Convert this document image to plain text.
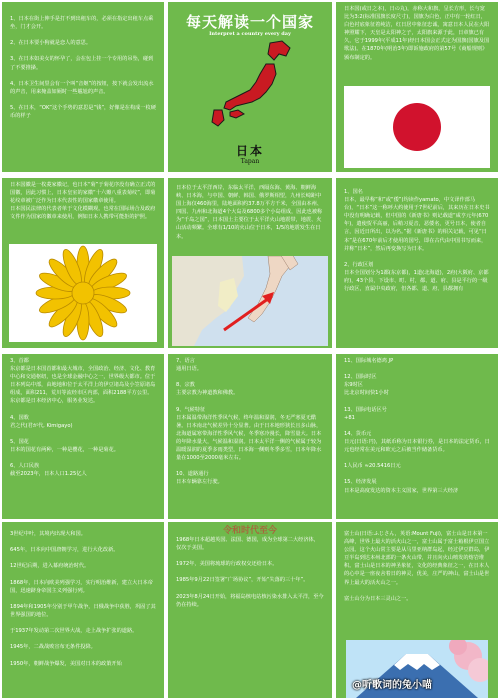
1、日本在街上伸手是打不到出租车的，必须在指定出租车点乘坐，门才会开。

2、在日本要小狗就是恋人的意思。

3、在日本如美女的怀孕了，会在包上挂一个专用的吊坠，碰到了不要推搡。

4、日本卫生间里会有一个叫“音姬”的按钮，按下就会发出流水的声音，用来掩盖如厕时一些尴尬的声音。

5、在日本，“OK”这个手势的意思是“钱”，好像是在构成一枚硬币的样子

日本国徽是一枚菱家徽记，也日本“菊”于菊花序没有确立正式的国徽，因此习惯上，日本皇室的家徽“十六瓣八重表菊纹”，即菊花纹章被广泛作为日本代表性的国家徽章使用。
日本国民法律的代表者单于文化模糊观。也常在国际场合及政府文件作为国家的徽章来使用，例如日本人携带可能拒的护照。

3、首都
东京都是日本国首都和最大城市，全国政治、经济、文化、教育中心和交通枢纽，也是全球金融中心之一，世界级大都市。位于日本列岛中部，由地地和位于太平洋上的伊豆诸岛及小笠原诸岛组成，面积211，荒川等流经市区内部，面积2188平方公里。东京都是日本经济中心，服务业发达。

4、国歌
君之代(君が代, Kimigayo)

5、国花
日本的国花有两种，一种是樱花，一种是菊花。

6、人口民族
截至2023年，日本人口1.25亿人

3世纪中叶，其境内出现大和国。

645年，日本向中国唐朝学习，进行大化改新。

12世纪后期，进入幕府统治时代。

1868年，日本向欧美列强学习，实行明治维新，建立大日本帝国，迅速跻身帝国主义列强行列。

1894年和1905年分别于甲午战争，日俄战争中获胜，巩固了其世界强国的地位。

于1937年发动第二次世界大战，走上战争扩张的道路。

1945年，二战战败宣布无条件投降。

1950年，朝鲜战争爆发，美国对日本的政策开始

每天解读一个国家
Interpret a country every day
日本
Tapan

日本位于太平洋西岸，东临太平洋，西隔东海、黄海、朝鲜海峡、日本海，与中国、朝鲜、韩国、俄罗斯相望，九州长崎距中国上海仅460海里，陆地面积约37.8万平方千米，全国由本州、四国、九州和北海道4个大岛及6800多个小岛组成，因此也被称为“千岛之国”，日本国土主要位于太平洋火山地震带，地震、火山活动频繁。全球有1/10的火山位于日本，1/5的地震发生在日本。

7、语言
通用日语。

8、宗教
主要宗教为神道教和佛教。

9、气候特征
日本属温带海洋性季风气候，终年温和湿润，冬无严寒夏无酷暑。日本南北气候差异十分显著。由于日本地形狭长且多山脉，北海道属寒带海洋性季风气候，冬季寒冷漫长，降雪量大。日本的年降水量大，气候温和湿润。日本太平洋一侧的气候属于较为温暖湿润的夏季多雨类型，日本海一侧则冬季多雪，日本年降水量在1000至2000毫米左右。

10、道路通行
日本车辆靠左行驶。

令和时代至今

1968年日本超越英国、法国、德国，成为全球第二大经济体，仅次于美国。

1972年，美国将琉球的行政权交还给日本。

1985年9月22日签署“广场协议”，开始“失落的三十年”。

2023年8月24日开始，将福岛核电站核污染水排入太平洋，至今仍在持续。

日本国(或日之本)，日の丸)，赤称大和旗，呈长方形，长与宽比为3:2(标准国旗长度尺寸)，国旗为白色，正中有一轮红日，白色衬底象征着纯洁，红日居中象征忠诚，寓意日本人民在大阳神照耀下，天皇是太阳神之子，太阳旗来源于此，日章旗已有久，它于1999年(平成11年)经日本国会正式定为国旗(国旗及国歌法)。在1870年(明治3年)即诉施政府的第57号《商船规则》颁布制定的。

1、国名
日本，最早称“和”或“倭”(均读作yamato，中文译作部马台)，“日本”这一称呼大约使用于7世纪前后，其来历在日本史书中没有明确记载，但中国的《新唐书》则记载道“咸亨元年(670年)，遣使贺平高丽，后稍习夏音，恶倭名，更号日本，使者自言，因近日所出，以为名。”据《新唐书》的相关记载，可见“日本”是在670年前后才使用的国号，即在古代由中国书写而来，并称“日本”，然后再变换写为日本。

2、行政区划
日本全国划分为1都(东京都)，1道(北海道)，2府(大阪府、京都府)，43个县，下设市、町、村，都、道、府、县是平行的一级行政区，直属中央政府，但各都、道、府、县都拥有

11、国际城名德鸡 JP

12、国际时区
东9时区
比北京时间快1小时

13、国际电话区号
+81

14、货币元
日元(日语:円)，其纸币称为日本银行券，是日本的法定货币，日元也经常在美元和欧元之后被当作储备货币。

1人民币 ≈20.5416日元

15、经济发展
日本是高度发达的资本主义国家，世界第三大经济

富士山(日语:ふじさん，英语:Mount Fuji)，富士山是日本第一高峰，世界上最大的活火山之一，富士山属于富士箱根伊豆国立公园。这个火山常主要是从马里亚纳群岛起，经过伊豆群岛，伊豆半岛到达本州北部的一条火山带，并且向火山喷发的熔岩堆积。富士山是日本的神圣象征，文化的经典象征之一，在日本人的心中是一座夜舍着日的神灵，优美，庄严的神山，富士山是世界上最大的活火山之一。

富士山分为日本三灵山之一。

@听歌词的兔小喵
